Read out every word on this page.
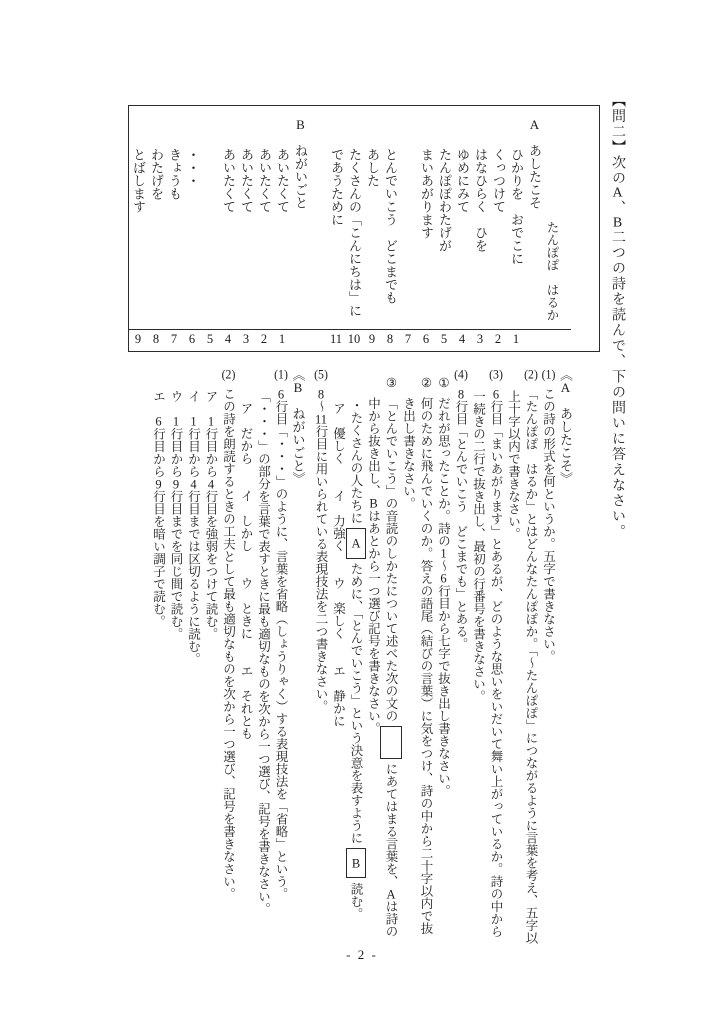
【問二】次のA、B二つの詩を読んで、下の問いに答えなさい。
たんぽぽ　はるか
A　あしたこそ
ひかりを　おでこに
くっつけて
はなひらく　ひを
ゆめにみて
たんぽぽわたげが
まいあがります

とんでいこう　どこまでも
あした
たくさんの「こんにちは」に
であうために
B　ねがいごと
あいたくて
あいたくて
あいたくて
あいたくて

・・・
きょうも
わたげを
とばします
1
2
3
4
5
6
7
8
9
10
11
1
2
3
4
5
6
7
8
9
《A　あしたこそ》
(1)この詩の形式を何というか。五字で書きなさい。
(2)「たんぽぽ　はるか」とはどんなたんぽぽか。「〜たんぽぽ」につながるように言葉を考え、五字以上十字以内で書きなさい。
(3)6行目「まいあがります」とあるが、どのような思いをいだいて舞い上がっているか。詩の中から一続きの二行で抜き出し、最初の行番号を書きなさい。
(4)8行目「とんでいこう　どこまでも」とある。
①だれが思ったことか。詩の1〜6行目から七字で抜き出し書きなさい。
②何のために飛んでいくのか。答えの語尾（結びの言葉）に気をつけ、詩の中から二十字以内で抜き出し書きなさい。
③「とんでいこう」の音読のしかたについて述べた次の文の　にあてはまる言葉を、Aは詩の中から抜き出し、Bはあとから一つ選び記号を書きなさい。
・たくさんの人たちにAために、「とんでいこう」という決意を表すようにB読む。
ア　優しく　　イ　力強く　　ウ　楽しく　　エ　静かに
(5)8〜11行目に用いられている表現技法を二つ書きなさい。
《B　ねがいごと》
(1)6行目「・・・」のように、言葉を省略（しょうりゃく）する表現技法を「省略」という。「・・・」の部分を言葉で表すときに最も適切なものを次から一つ選び、記号を書きなさい。
ア　だから　　イ　しかし　　ウ　ときに　　エ　それとも
(2)この詩を朗読するときの工夫として最も適切なものを次から一つ選び、記号を書きなさい。
ア　1行目から4行目を強弱をつけて読む。
イ　1行目から4行目までは区切るように読む。
ウ　1行目から9行目までを同じ間で読む。
エ　6行目から9行目を暗い調子で読む。
- 2 -
